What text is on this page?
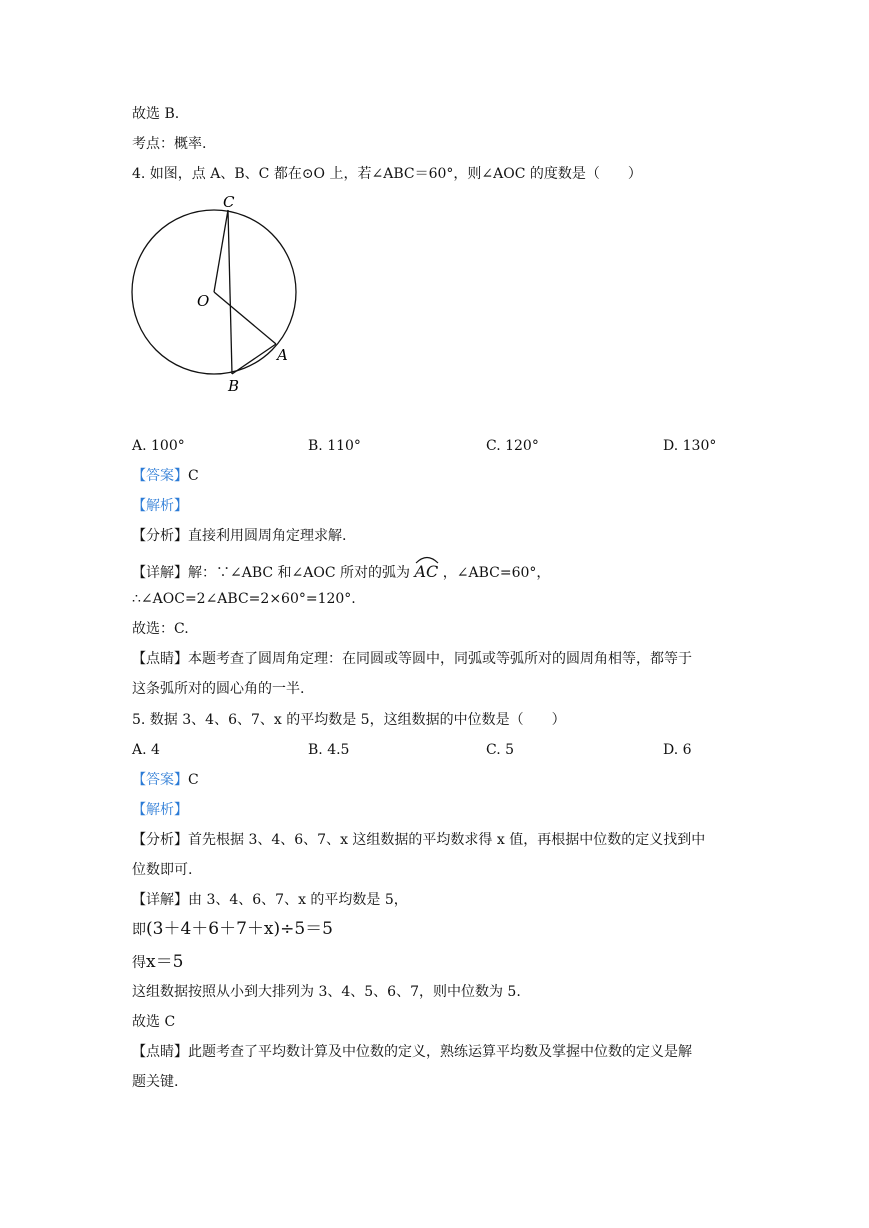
故选 B.
考点：概率.
4. 如图，点 A、B、C 都在⊙O 上，若∠ABC＝60°，则∠AOC 的度数是（　　）
C
O
A
B
A. 100°	B. 110°	C. 120°	D. 130°
【答案】C
【解析】
【分析】直接利用圆周角定理求解.
【详解】解：∵∠ABC 和∠AOC 所对的弧为 AC ，∠ABC=60°，
∴∠AOC=2∠ABC=2×60°=120°.
故选：C.
【点睛】本题考查了圆周角定理：在同圆或等圆中，同弧或等弧所对的圆周角相等，都等于
这条弧所对的圆心角的一半.
5. 数据 3、4、6、7、x 的平均数是 5，这组数据的中位数是（　　）
A. 4	B. 4.5	C. 5	D. 6
【答案】C
【解析】
【分析】首先根据 3、4、6、7、x 这组数据的平均数求得 x 值，再根据中位数的定义找到中
位数即可.
【详解】由 3、4、6、7、x 的平均数是 5，
即(3＋4＋6＋7＋x)÷5＝5
得x＝5
这组数据按照从小到大排列为 3、4、5、6、7，则中位数为 5.
故选 C
【点睛】此题考查了平均数计算及中位数的定义，熟练运算平均数及掌握中位数的定义是解
题关键.
